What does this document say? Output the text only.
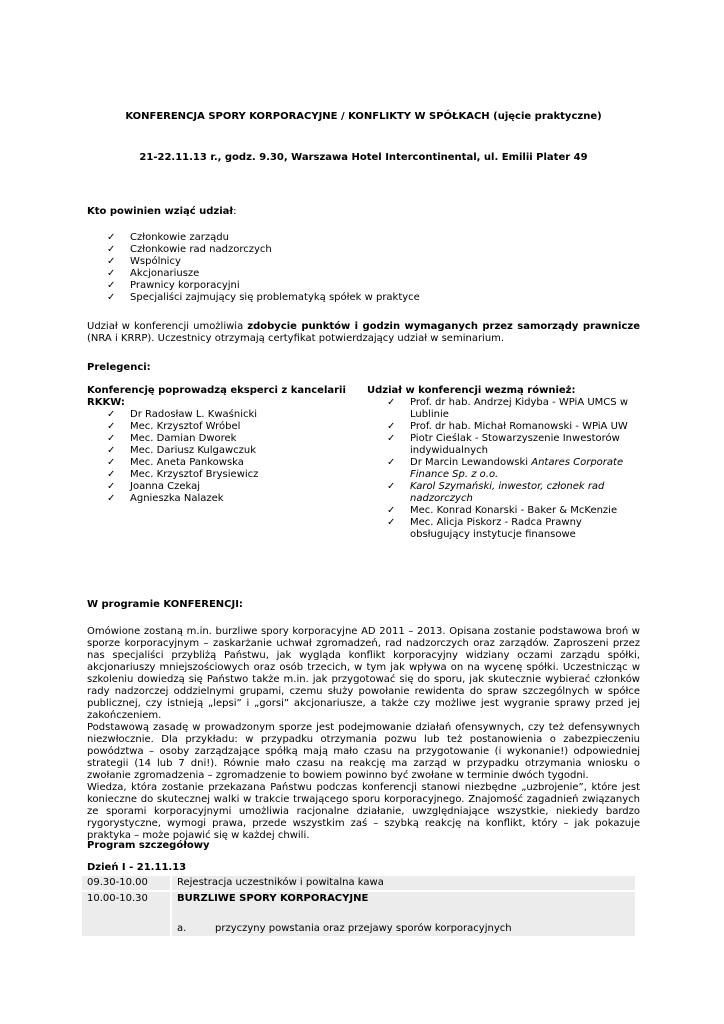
KONFERENCJA SPORY KORPORACYJNE / KONFLIKTY W SPÓŁKACH (ujęcie praktyczne)
21-22.11.13 r., godz. 9.30, Warszawa Hotel Intercontinental, ul. Emilii Plater 49
Kto powinien wziąć udział:
✓ Członkowie zarządu
✓ Członkowie rad nadzorczych
✓ Wspólnicy
✓ Akcjonariusze
✓ Prawnicy korporacyjni
✓ Specjaliści zajmujący się problematyką spółek w praktyce
Udział w konferencji umożliwia zdobycie punktów i godzin wymaganych przez samorządy prawnicze (NRA i KRRP). Uczestnicy otrzymają certyfikat potwierdzający udział w seminarium.
Prelegenci:
Konferencję poprowadzą eksperci z kancelarii RKKW:
✓ Dr Radosław L. Kwaśnicki
✓ Mec. Krzysztof Wróbel
✓ Mec. Damian Dworek
✓ Mec. Dariusz Kulgawczuk
✓ Mec. Aneta Pankowska
✓ Mec. Krzysztof Brysiewicz
✓ Joanna Czekaj
✓ Agnieszka Nalazek
Udział w konferencji wezmą również:
✓ Prof. dr hab. Andrzej Kidyba - WPiA UMCS w Lublinie
✓ Prof. dr hab. Michał Romanowski - WPiA UW
✓ Piotr Cieślak - Stowarzyszenie Inwestorów indywidualnych
✓ Dr Marcin Lewandowski Antares Corporate Finance Sp. z o.o.
✓ Karol Szymański, inwestor, członek rad nadzorczych
✓ Mec. Konrad Konarski - Baker & McKenzie
✓ Mec. Alicja Piskorz - Radca Prawny obsługujący instytucje finansowe
W programie KONFERENCJI:

Omówione zostaną m.in. burzliwe spory korporacyjne AD 2011 – 2013. Opisana zostanie podstawowa broń w sporze korporacyjnym – zaskarżanie uchwał zgromadzeń, rad nadzorczych oraz zarządów. Zaproszeni przez nas specjaliści przybliżą Państwu, jak wygląda konflikt korporacyjny widziany oczami zarządu spółki, akcjonariuszy mniejszościowych oraz osób trzecich, w tym jak wpływa on na wycenę spółki. Uczestnicząc w szkoleniu dowiedzą się Państwo także m.in. jak przygotować się do sporu, jak skutecznie wybierać członków rady nadzorczej oddzielnymi grupami, czemu służy powołanie rewidenta do spraw szczególnych w spółce publicznej, czy istnieją „lepsi” i „gorsi” akcjonariusze, a także czy możliwe jest wygranie sprawy przed jej zakończeniem.

Podstawową zasadę w prowadzonym sporze jest podejmowanie działań ofensywnych, czy też defensywnych niezwłocznie. Dla przykładu: w przypadku otrzymania pozwu lub też postanowienia o zabezpieczeniu powództwa – osoby zarządzające spółką mają mało czasu na przygotowanie (i wykonanie!) odpowiedniej strategii (14 lub 7 dni!). Równie mało czasu na reakcję ma zarząd w przypadku otrzymania wniosku o zwołanie zgromadzenia – zgromadzenie to bowiem powinno być zwołane w terminie dwóch tygodni.

Wiedza, która zostanie przekazana Państwu podczas konferencji stanowi niezbędne „uzbrojenie”, które jest konieczne do skutecznej walki w trakcie trwającego sporu korporacyjnego. Znajomość zagadnień związanych ze sporami korporacyjnymi umożliwia racjonalne działanie, uwzględniające wszystkie, niekiedy bardzo rygorystyczne, wymogi prawa, przede wszystkim zaś – szybką reakcję na konflikt, który – jak pokazuje praktyka – może pojawić się w każdej chwili.

Program szczegółowy
Dzień I - 21.11.13
09.30-10.00	Rejestracja uczestników i powitalna kawa
10.00-10.30	BURZLIWE SPORY KORPORACYJNE
a. przyczyny powstania oraz przejawy sporów korporacyjnych
